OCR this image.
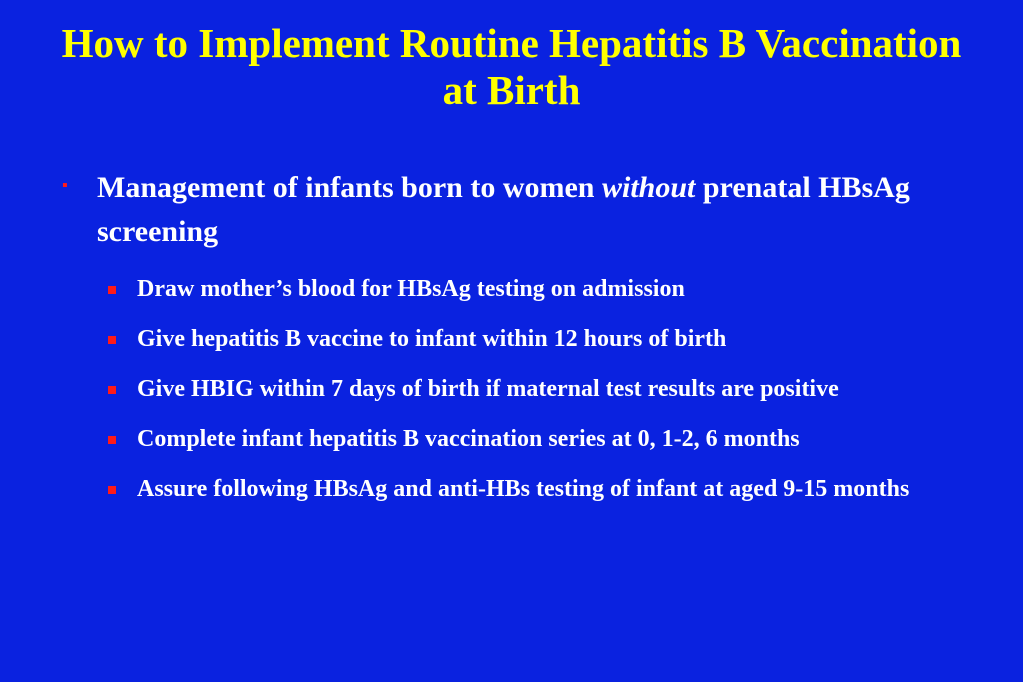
How to Implement Routine Hepatitis B Vaccination at Birth
▪ Management of infants born to women without prenatal HBsAg screening
Draw mother’s blood for HBsAg testing on admission
Give hepatitis B vaccine to infant within 12 hours of birth
Give HBIG within 7 days of birth if maternal test results are positive
Complete infant hepatitis B vaccination series at 0, 1-2, 6 months
Assure following HBsAg and anti-HBs testing of infant at aged 9-15 months
